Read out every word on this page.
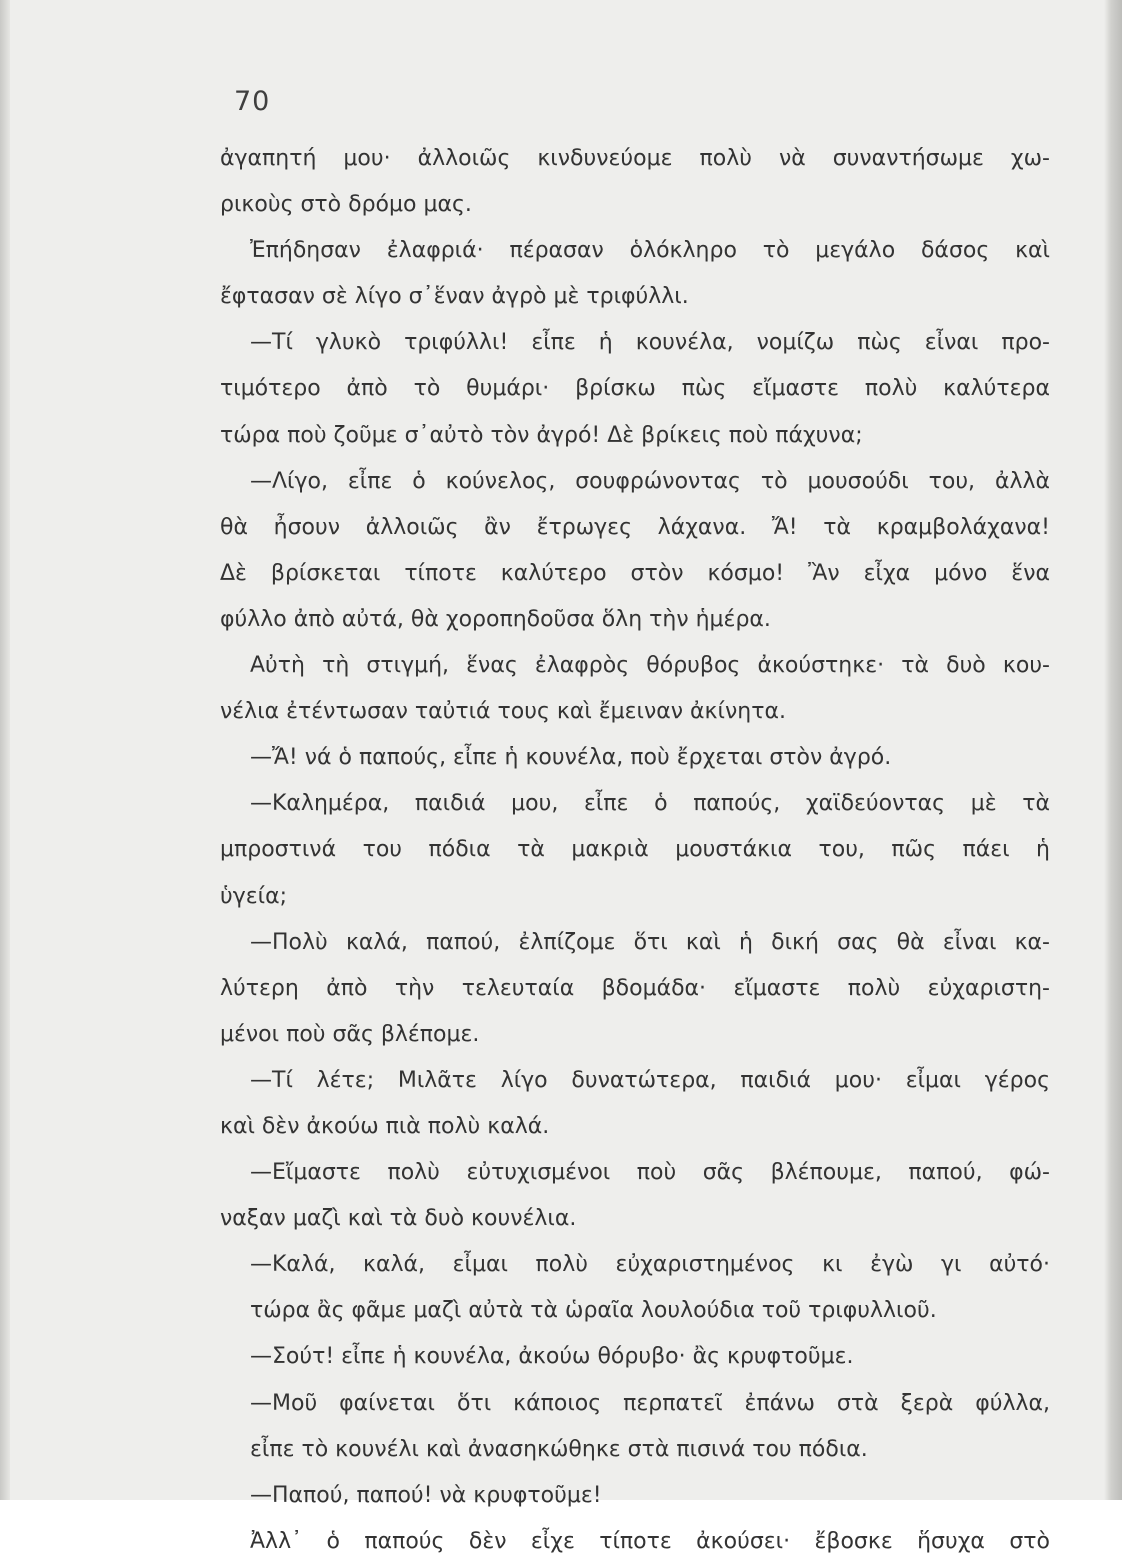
70
ἀγαπητή μου· ἀλλοιῶς κινδυνεύομε πολὺ νὰ συναντήσωμε χω-
ρικοὺς στὸ δρόμο μας.
Ἐπήδησαν ἐλαφριά· πέρασαν ὁλόκληρο τὸ μεγάλο δάσος καὶ
ἔφτασαν σὲ λίγο σ᾿ἕναν ἀγρὸ μὲ τριφύλλι.
—Τί γλυκὸ τριφύλλι! εἶπε ἡ κουνέλα, νομίζω πὼς εἶναι προ-
τιμότερο ἀπὸ τὸ θυμάρι· βρίσκω πὼς εἴμαστε πολὺ καλύτερα
τώρα ποὺ ζοῦμε σ᾿αὐτὸ τὸν ἀγρό! Δὲ βρίκεις ποὺ πάχυνα;
—Λίγο, εἶπε ὁ κούνελος, σουφρώνοντας τὸ μουσούδι του, ἀλλὰ
θὰ ἦσουν ἀλλοιῶς ἂν ἔτρωγες λάχανα. Ἄ! τὰ κραμβολάχανα!
Δὲ βρίσκεται τίποτε καλύτερο στὸν κόσμο! Ἂν εἶχα μόνο ἕνα
φύλλο ἀπὸ αὐτά, θὰ χοροπηδοῦσα ὅλη τὴν ἡμέρα.
Αὐτὴ τὴ στιγμή, ἕνας ἐλαφρὸς θόρυβος ἀκούστηκε· τὰ δυὸ κου-
νέλια ἐτέντωσαν ταὐτιά τους καὶ ἔμειναν ἀκίνητα.
—Ἄ! νά ὁ παπούς, εἶπε ἡ κουνέλα, ποὺ ἔρχεται στὸν ἀγρό.
—Καλημέρα, παιδιά μου, εἶπε ὁ παπούς, χαϊδεύοντας μὲ τὰ
μπροστινά του πόδια τὰ μακριὰ μουστάκια του, πῶς πάει ἡ
ὑγεία;
—Πολὺ καλά, παπού, ἐλπίζομε ὅτι καὶ ἡ δική σας θὰ εἶναι κα-
λύτερη ἀπὸ τὴν τελευταία βδομάδα· εἴμαστε πολὺ εὐχαριστη-
μένοι ποὺ σᾶς βλέπομε.
—Τί λέτε; Μιλᾶτε λίγο δυνατώτερα, παιδιά μου· εἶμαι γέρος
καὶ δὲν ἀκούω πιὰ πολὺ καλά.
—Εἴμαστε πολὺ εὐτυχισμένοι ποὺ σᾶς βλέπουμε, παπού, φώ-
ναξαν μαζὶ καὶ τὰ δυὸ κουνέλια.
—Καλά, καλά, εἶμαι πολὺ εὐχαριστημένος κι ἐγὼ γι αὐτό·
τώρα ἂς φᾶμε μαζὶ αὐτὰ τὰ ὡραῖα λουλούδια τοῦ τριφυλλιοῦ.
—Σούτ! εἶπε ἡ κουνέλα, ἀκούω θόρυβο· ἂς κρυφτοῦμε.
—Μοῦ φαίνεται ὅτι κάποιος περπατεῖ ἐπάνω στὰ ξερὰ φύλλα,
εἶπε τὸ κουνέλι καὶ ἀνασηκώθηκε στὰ πισινά του πόδια.
—Παπού, παπού! νὰ κρυφτοῦμε!
Ἀλλ᾿ ὁ παπούς δὲν εἶχε τίποτε ἀκούσει· ἔβοσκε ἥσυχα στὸ
